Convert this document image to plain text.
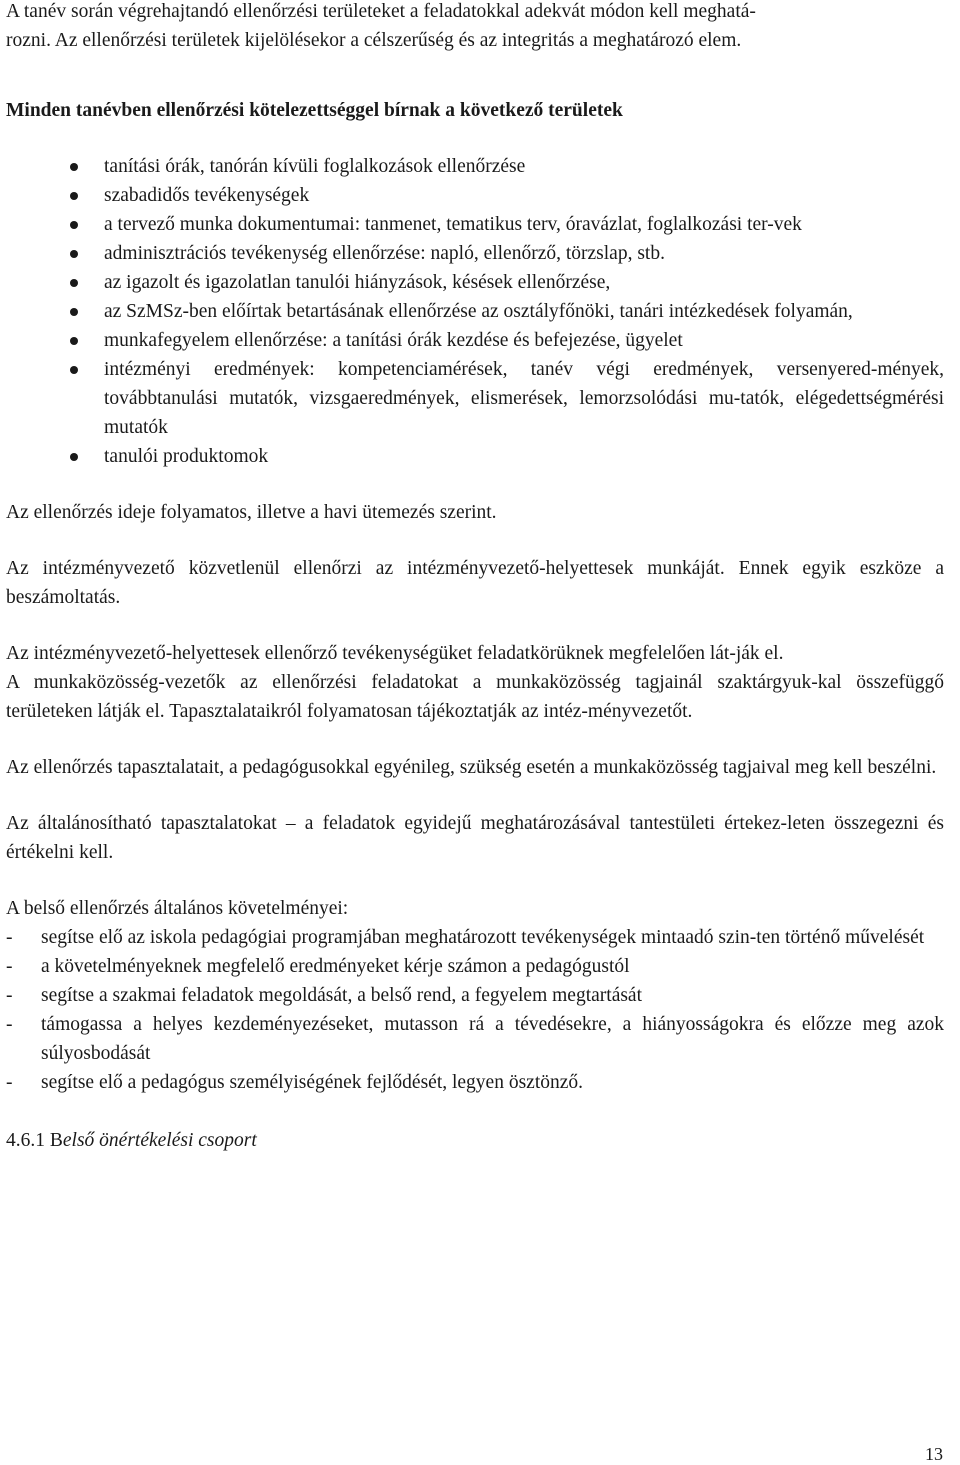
A tanév során végrehajtandó ellenőrzési területeket a feladatokkal adekvát módon kell meghatá-

rozni. Az ellenőrzési területek kijelölésekor a célszerűség és az integritás a meghatározó elem.

Minden tanévben ellenőrzési kötelezettséggel bírnak a következő területek

tanítási órák, tanórán kívüli foglalkozások ellenőrzése
szabadidős tevékenységek
a tervező munka dokumentumai: tanmenet, tematikus terv, óravázlat, foglalkozási ter-vek
adminisztrációs tevékenység ellenőrzése: napló, ellenőrző, törzslap, stb.
az igazolt és igazolatlan tanulói hiányzások, késések ellenőrzése,
az SzMSz-ben előírtak betartásának ellenőrzése az osztályfőnöki, tanári intézkedések folyamán,
munkafegyelem ellenőrzése: a tanítási órák kezdése és befejezése, ügyelet
intézményi eredmények: kompetenciamérések, tanév végi eredmények, versenyered-mények, továbbtanulási mutatók, vizsgaeredmények, elismerések, lemorzsolódási mu-tatók, elégedettségmérési mutatók
tanulói produktomok

Az ellenőrzés ideje folyamatos, illetve a havi ütemezés szerint.

Az intézményvezető közvetlenül ellenőrzi az intézményvezető-helyettesek munkáját. Ennek egyik eszköze a beszámoltatás.

Az intézményvezető-helyettesek ellenőrző tevékenységüket feladatkörüknek megfelelően lát-ják el.

A munkaközösség-vezetők az ellenőrzési feladatokat a munkaközösség tagjainál szaktárgyuk-kal összefüggő területeken látják el. Tapasztalataikról folyamatosan tájékoztatják az intéz-ményvezetőt.

Az ellenőrzés tapasztalatait, a pedagógusokkal egyénileg, szükség esetén a munkaközösség tagjaival meg kell beszélni.

Az általánosítható tapasztalatokat – a feladatok egyidejű meghatározásával tantestületi értekez-leten összegezni és értékelni kell.

A belső ellenőrzés általános követelményei:

- segítse elő az iskola pedagógiai programjában meghatározott tevékenységek mintaadó szin-ten történő művelését
- a követelményeknek megfelelő eredményeket kérje számon a pedagógustól
- segítse a szakmai feladatok megoldását, a belső rend, a fegyelem megtartását
- támogassa a helyes kezdeményezéseket, mutasson rá a tévedésekre, a hiányosságokra és előzze meg azok súlyosbodását
- segítse elő a pedagógus személyiségének fejlődését, legyen ösztönző.

4.6.1 Belső önértékelési csoport

13
